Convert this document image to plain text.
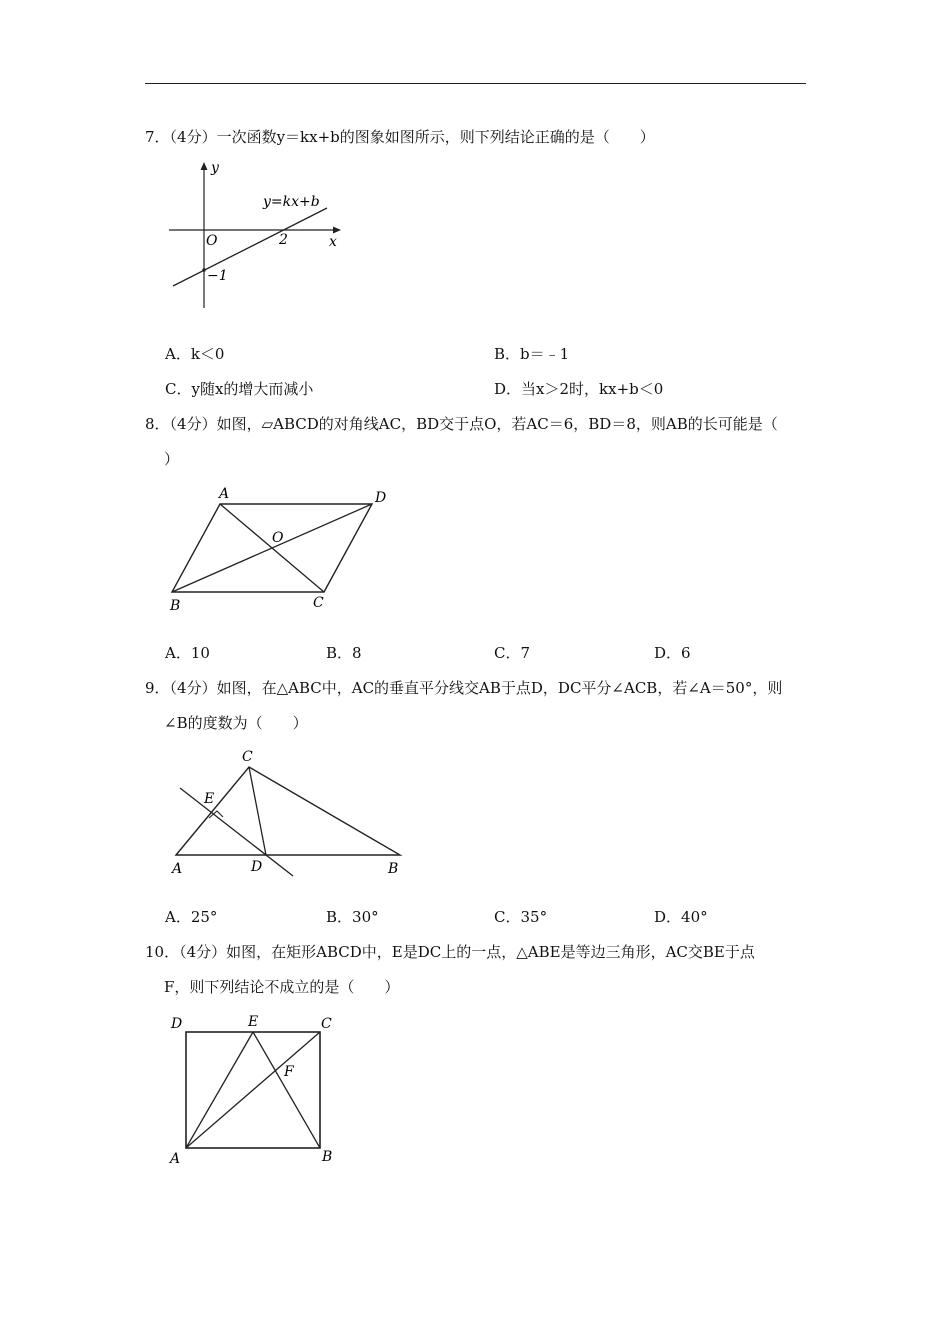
7．（4分）一次函数y＝kx+b的图象如图所示，则下列结论正确的是（　　）
y
x
O	2
−1
y=kx+b
A．k＜0	B．b＝﹣1
C．y随x的增大而减小	D．当x＞2时，kx+b＜0
8．（4分）如图，▱ABCD的对角线AC，BD交于点O，若AC＝6，BD＝8，则AB的长可能是（
）
A	D
B	C
O
A．10	B．8	C．7	D．6
9．（4分）如图，在△ABC中，AC的垂直平分线交AB于点D，DC平分∠ACB，若∠A＝50°，则
∠B的度数为（　　）
C
E
A	D	B
A．25°	B．30°	C．35°	D．40°
10．（4分）如图，在矩形ABCD中，E是DC上的一点，△ABE是等边三角形，AC交BE于点
F，则下列结论不成立的是（　　）
D	E	C
F
A	B
